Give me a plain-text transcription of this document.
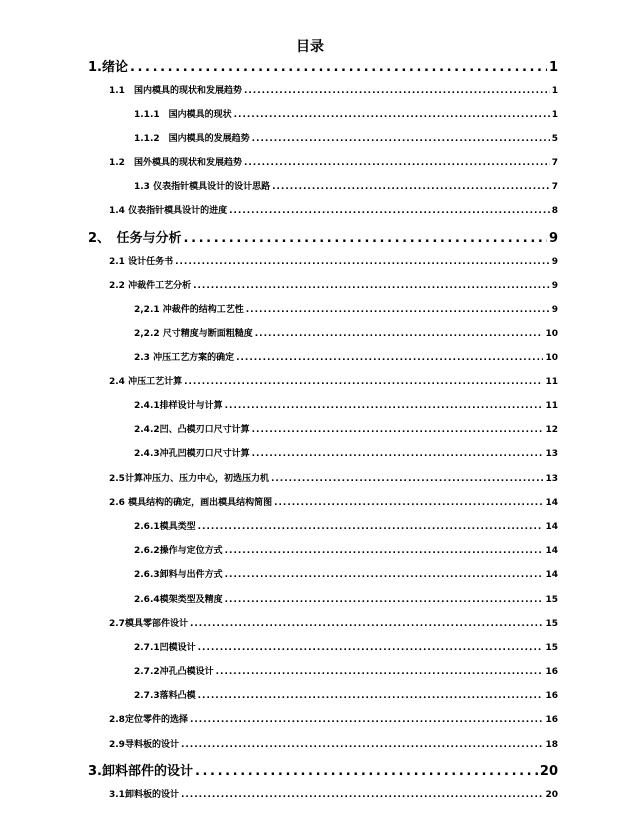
目录
1.绪论 .....	1
1.1　国内模具的现状和发展趋势 .....	1
1.1.1　国内模具的现状 .....	1
1.1.2　国内模具的发展趋势 .....	5
1.2　国外模具的现状和发展趋势 .....	7
1.3 仪表指针模具设计的设计思路 .....	7
1.4 仪表指针模具设计的进度 .....	8
2、　任务与分析 .....	9
2.1 设计任务书 .....	9
2.2 冲裁件工艺分析 .....	9
2,2.1 冲裁件的结构工艺性 .....	9
2,2.2 尺寸精度与断面粗糙度 .....	10
2.3 冲压工艺方案的确定 .....	10
2.4 冲压工艺计算 .....	11
2.4.1排样设计与计算 .....	11
2.4.2凹、凸模刃口尺寸计算 .....	12
2.4.3冲孔凹模刃口尺寸计算 .....	13
2.5计算冲压力、压力中心，初选压力机 .....	13
2.6 模具结构的确定，画出模具结构简图 .....	14
2.6.1模具类型 .....	14
2.6.2操作与定位方式 .....	14
2.6.3卸料与出件方式 .....	14
2.6.4模架类型及精度 .....	15
2.7模具零部件设计 .....	15
2.7.1凹模设计 .....	15
2.7.2冲孔凸模设计 .....	16
2.7.3落料凸模 .....	16
2.8定位零件的选择 .....	16
2.9导料板的设计 .....	18
3.卸料部件的设计 .....	20
3.1卸料板的设计 .....	20
